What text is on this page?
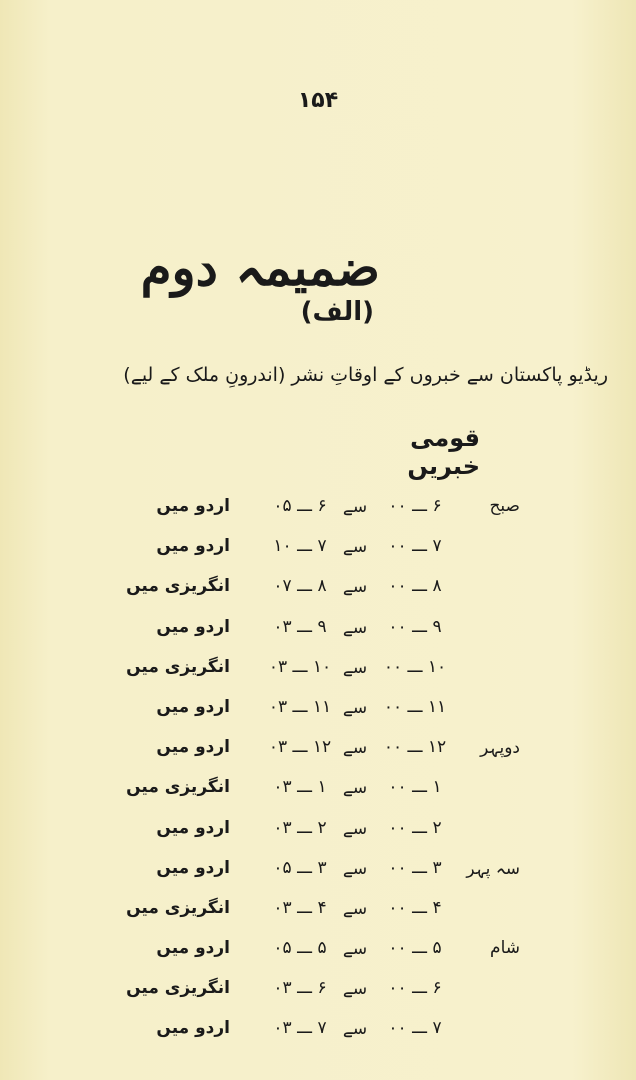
۱۵۴
ضمیمہ دوم (الف)
ریڈیو پاکستان سے خبروں کے اوقاتِ نشر (اندرونِ ملک کے لیے)
قومی خبریں
صبح
۶ ـــ ۰۰
سے
۶ ـــ ۰۵
اردو میں
۷ ـــ ۰۰
سے
۷ ـــ ۱۰
اردو میں
۸ ـــ ۰۰
سے
۸ ـــ ۰۷
انگریزی میں
۹ ـــ ۰۰
سے
۹ ـــ ۰۳
اردو میں
۱۰ ـــ ۰۰
سے
۱۰ ـــ ۰۳
انگریزی میں
۱۱ ـــ ۰۰
سے
۱۱ ـــ ۰۳
اردو میں
دوپہر
۱۲ ـــ ۰۰
سے
۱۲ ـــ ۰۳
اردو میں
۱ ـــ ۰۰
سے
۱ ـــ ۰۳
انگریزی میں
۲ ـــ ۰۰
سے
۲ ـــ ۰۳
اردو میں
سہ پہر
۳ ـــ ۰۰
سے
۳ ـــ ۰۵
اردو میں
۴ ـــ ۰۰
سے
۴ ـــ ۰۳
انگریزی میں
شام
۵ ـــ ۰۰
سے
۵ ـــ ۰۵
اردو میں
۶ ـــ ۰۰
سے
۶ ـــ ۰۳
انگریزی میں
۷ ـــ ۰۰
سے
۷ ـــ ۰۳
اردو میں
